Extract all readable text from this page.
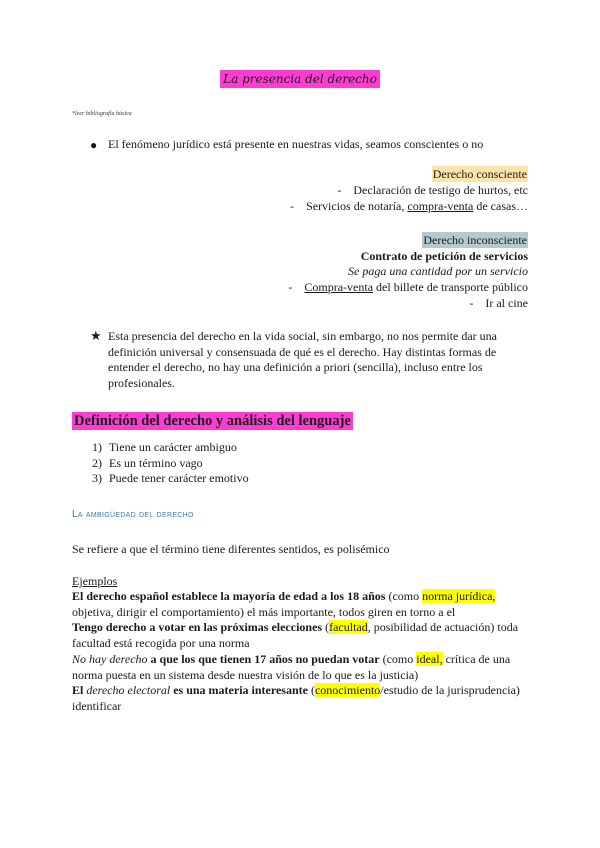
La presencia del derecho
*leer bibliografía básica
● El fenómeno jurídico está presente en nuestras vidas, seamos conscientes o no
Derecho consciente
-    Declaración de testigo de hurtos, etc
-    Servicios de notaría, compra-venta de casas…
Derecho inconsciente
Contrato de petición de servicios
Se paga una cantidad por un servicio
-    Compra-venta del billete de transporte público
-    Ir al cine
★ Esta presencia del derecho en la vida social, sin embargo, no nos permite dar una definición universal y consensuada de qué es el derecho. Hay distintas formas de entender el derecho, no hay una definición a priori (sencilla), incluso entre los profesionales.
Definición del derecho y análisis del lenguaje
1) Tiene un carácter ambiguo
2) Es un término vago
3) Puede tener carácter emotivo
La ambigüedad del derecho
Se refiere a que el término tiene diferentes sentidos, es polisémico
Ejemplos
El derecho español establece la mayoría de edad a los 18 años (como norma jurídica, objetiva, dirigir el comportamiento) el más importante, todos giren en torno a el
Tengo derecho a votar en las próximas elecciones (facultad, posibilidad de actuación) toda facultad está recogida por una norma
No hay derecho a que los que tienen 17 años no puedan votar (como ideal, crítica de una norma puesta en un sistema desde nuestra visión de lo que es la justicia)
El derecho electoral es una materia interesante (conocimiento/estudio de la jurisprudencia) identificar
